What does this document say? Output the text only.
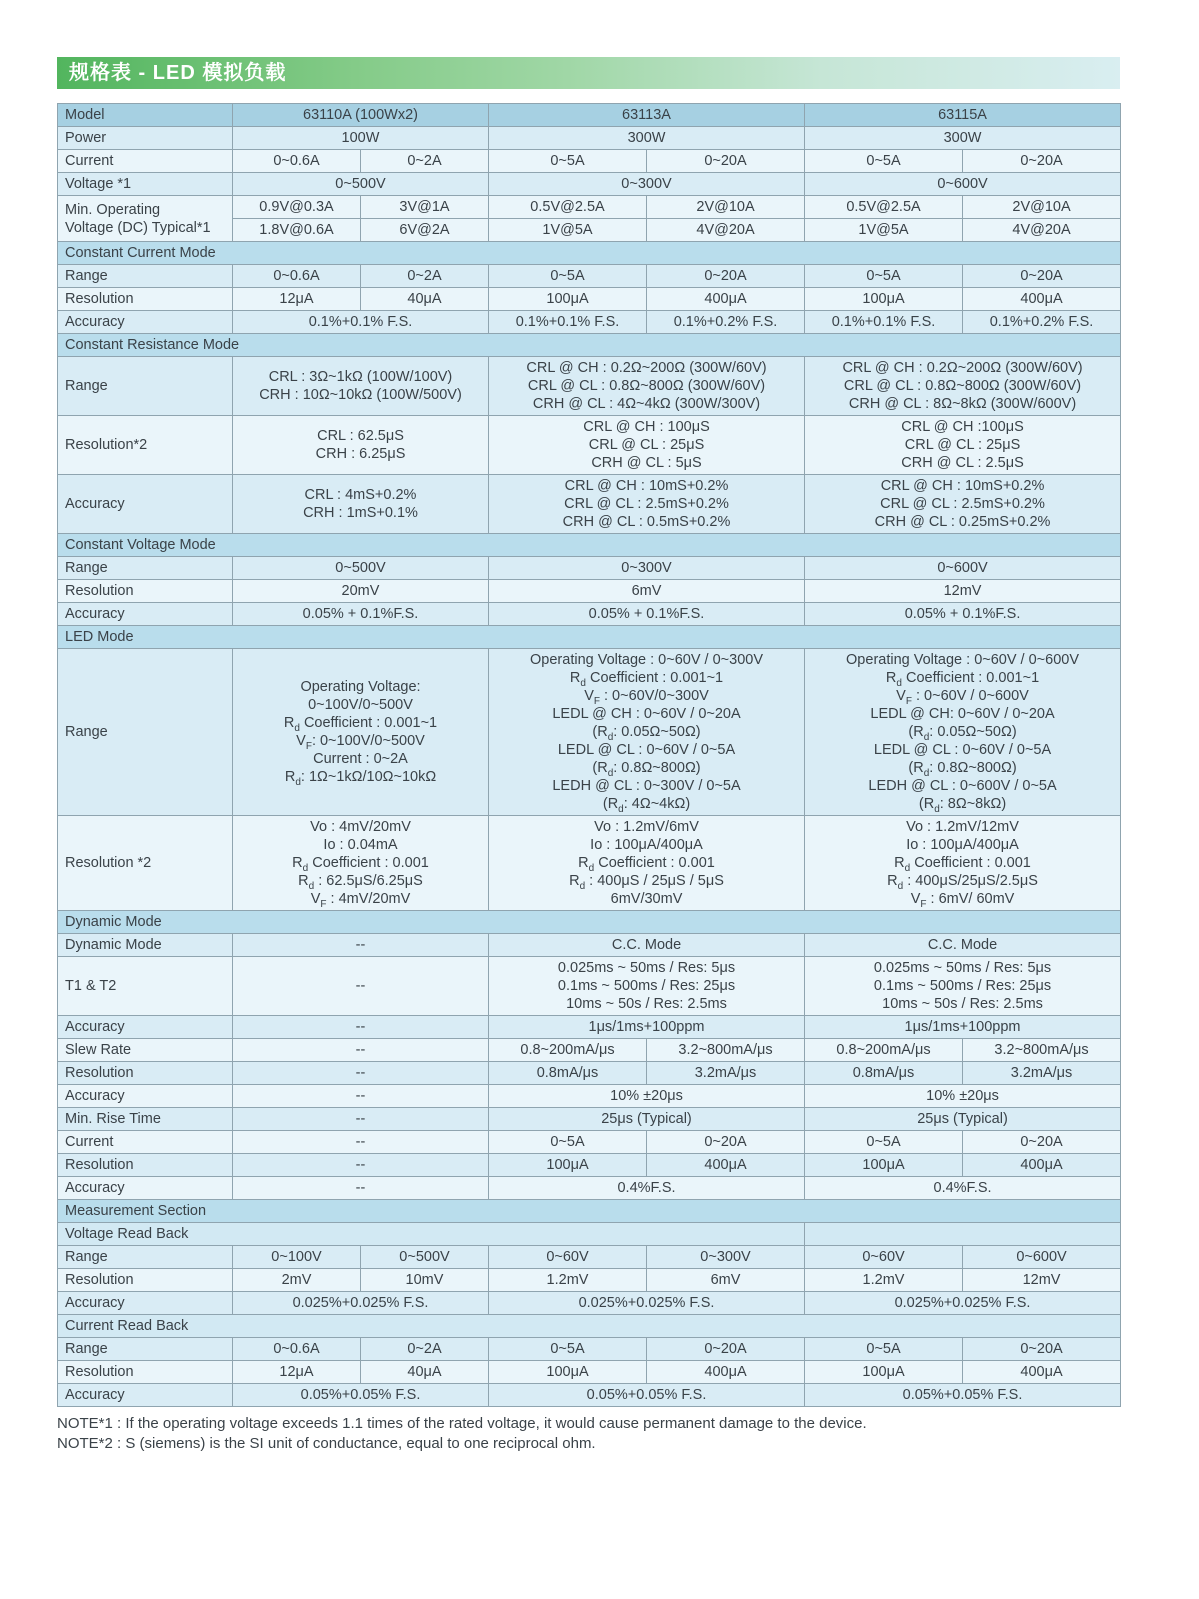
规格表 - LED 模拟负载
Model	63110A (100Wx2)		63113A		63115A	
Power	100W		300W		300W	
Current	0~0.6A	0~2A	0~5A	0~20A	0~5A	0~20A
Voltage *1	0~500V		0~300V		0~600V	
Min. Operating
Voltage (DC) Typical*1	0.9V@0.3A	3V@1A	0.5V@2.5A	2V@10A	0.5V@2.5A	2V@10A
	1.8V@0.6A	6V@2A	1V@5A	4V@20A	1V@5A	4V@20A
Constant Current Mode						
Range	0~0.6A	0~2A	0~5A	0~20A	0~5A	0~20A
Resolution	12μA	40μA	100μA	400μA	100μA	400μA
Accuracy	0.1%+0.1% F.S.		0.1%+0.1% F.S.	0.1%+0.2% F.S.	0.1%+0.1% F.S.	0.1%+0.2% F.S.
Constant Resistance Mode						
Range	CRL : 3Ω~1kΩ (100W/100V)
CRH : 10Ω~10kΩ (100W/500V)		CRL @ CH : 0.2Ω~200Ω (300W/60V)
CRL @ CL : 0.8Ω~800Ω (300W/60V)
CRH @ CL : 4Ω~4kΩ (300W/300V)		CRL @ CH : 0.2Ω~200Ω (300W/60V)
CRL @ CL : 0.8Ω~800Ω (300W/60V)
CRH @ CL : 8Ω~8kΩ (300W/600V)	
Resolution*2	CRL : 62.5μS
CRH : 6.25μS		CRL @ CH : 100μS
CRL @ CL : 25μS
CRH @ CL : 5μS		CRL @ CH :100μS
CRL @ CL : 25μS
CRH @ CL : 2.5μS	
Accuracy	CRL : 4mS+0.2%
CRH : 1mS+0.1%		CRL @ CH : 10mS+0.2%
CRL @ CL : 2.5mS+0.2%
CRH @ CL : 0.5mS+0.2%		CRL @ CH : 10mS+0.2%
CRL @ CL : 2.5mS+0.2%
CRH @ CL : 0.25mS+0.2%	
Constant Voltage Mode						
Range	0~500V		0~300V		0~600V	
Resolution	20mV		6mV		12mV	
Accuracy	0.05% + 0.1%F.S.		0.05% + 0.1%F.S.		0.05% + 0.1%F.S.	
LED Mode						
Range	Operating Voltage:
0~100V/0~500V
$R_d$ Coefficient : 0.001~1
$V_F$: 0~100V/0~500V
Current : 0~2A
$R_d$: 1Ω~1kΩ/10Ω~10kΩ	Operating Voltage : 0~60V / 0~300V
$R_d$ Coefficient : 0.001~1
$V_F$ : 0~60V/0~300V
LEDL @ CH : 0~60V / 0~20A
($R_d$: 0.05Ω~50Ω)
LEDL @ CL : 0~60V / 0~5A
($R_d$: 0.8Ω~800Ω)
LEDH @ CL : 0~300V / 0~5A
($R_d$: 4Ω~4kΩ)	Operating Voltage : 0~60V / 0~600V
$R_d$ Coefficient : 0.001~1
$V_F$ : 0~60V / 0~600V
LEDL @ CH: 0~60V / 0~20A
($R_d$: 0.05Ω~50Ω)
LEDL @ CL : 0~60V / 0~5A
($R_d$: 0.8Ω~800Ω)
LEDH @ CL : 0~600V / 0~5A
($R_d$: 8Ω~8kΩ)
Resolution *2	Vo : 4mV/20mV
Io : 0.04mA
$R_d$ Coefficient : 0.001
$R_d$ : 62.5μS/6.25μS
$V_F$ : 4mV/20mV		Vo : 1.2mV/6mV
Io : 100μA/400μA
$R_d$ Coefficient : 0.001
$R_d$ : 400μS / 25μS / 5μS
6mV/30mV		Vo : 1.2mV/12mV
Io : 100μA/400μA
$R_d$ Coefficient : 0.001
$R_d$ : 400μS/25μS/2.5μS
$V_F$ : 6mV/ 60mV	
Dynamic Mode						
Dynamic Mode	--		C.C. Mode		C.C. Mode	
T1 & T2	--		0.025ms ~ 50ms / Res: 5μs
0.1ms ~ 500ms / Res: 25μs
10ms ~ 50s / Res: 2.5ms		0.025ms ~ 50ms / Res: 5μs
0.1ms ~ 500ms / Res: 25μs
10ms ~ 50s / Res: 2.5ms	
Accuracy	--		1μs/1ms+100ppm		1μs/1ms+100ppm	
Slew Rate	--		0.8~200mA/μs	3.2~800mA/μs	0.8~200mA/μs	3.2~800mA/μs
Resolution	--		0.8mA/μs	3.2mA/μs	0.8mA/μs	3.2mA/μs
Accuracy	--		10% ±20μs		10% ±20μs	
Min. Rise Time	--		25μs (Typical)		25μs (Typical)	
Current	--		0~5A	0~20A	0~5A	0~20A
Resolution	--		100μA	400μA	100μA	400μA
Accuracy	--		0.4%F.S.		0.4%F.S.	
Measurement Section						
Voltage Read Back						
Range	0~100V	0~500V	0~60V	0~300V	0~60V	0~600V
Resolution	2mV	10mV	1.2mV	6mV	1.2mV	12mV
Accuracy	0.025%+0.025% F.S.		0.025%+0.025% F.S.		0.025%+0.025% F.S.	
Current Read Back						
Range	0~0.6A	0~2A	0~5A	0~20A	0~5A	0~20A
Resolution	12μA	40μA	100μA	400μA	100μA	400μA
Accuracy	0.05%+0.05% F.S.		0.05%+0.05% F.S.		0.05%+0.05% F.S.	
NOTE*1 : If the operating voltage exceeds 1.1 times of the rated voltage, it would cause permanent damage to the device.
NOTE*2 : S (siemens) is the SI unit of conductance, equal to one reciprocal ohm.
